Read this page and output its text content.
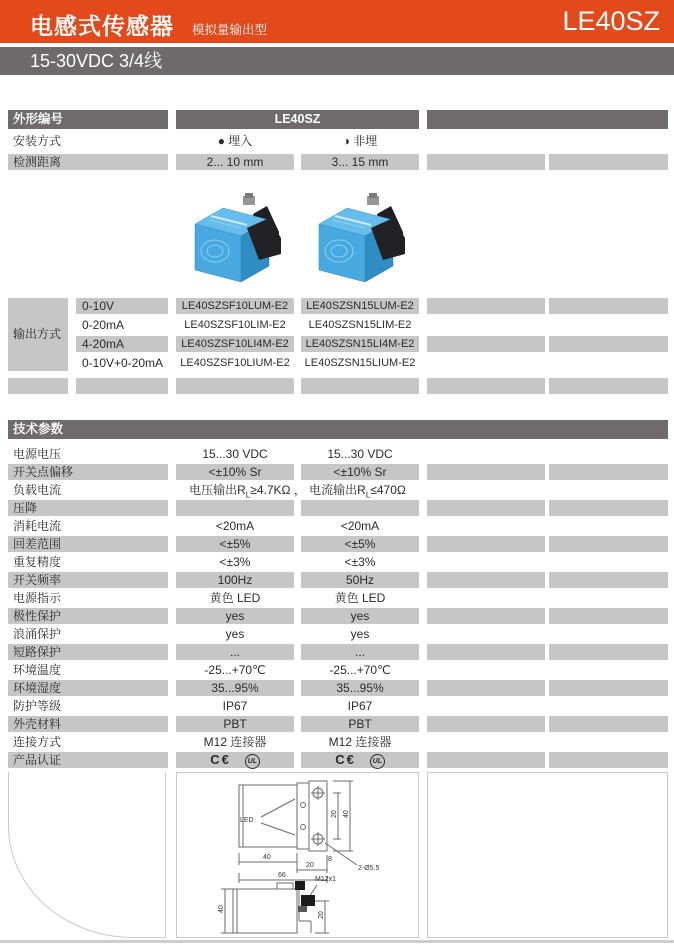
电感式传感器 模拟量输出型	LE40SZ
15-30VDC 3/4线
外形编号	LE40SZ
安装方式	● 埋入	◑ 非埋
检测距离	2... 10 mm	3... 15 mm
输出方式
0-10V	LE40SZSF10LUM-E2	LE40SZSN15LUM-E2
0-20mA	LE40SZSF10LIM-E2	LE40SZSN15LIM-E2
4-20mA	LE40SZSF10LI4M-E2	LE40SZSN15LI4M-E2
0-10V+0-20mA	LE40SZSF10LIUM-E2	LE40SZSN15LIUM-E2
技术参数
电源电压	15...30 VDC	15...30 VDC
开关点偏移	<±10% Sr	<±10% Sr
负载电流	电压输出$R_L\ge 4.7K\Omega$ ， 电流输出$R_L\le 470\Omega$
压降
消耗电流	<20mA	<20mA
回差范围	<±5%	<±5%
重复精度	<±3%	<±3%
开关频率	100Hz	50Hz
电源指示	黄色 LED	黄色 LED
极性保护	yes	yes
浪涌保护	yes	yes
短路保护	...	...
环境温度	-25...+70℃	-25...+70℃
环境湿度	35...95%	35...95%
防护等级	IP67	IP67
外壳材料	PBT	PBT
连接方式	M12 连接器	M12 连接器
产品认证	C€ UL	C€ UL
LED
40
20
66
8
2-Ø5.5
20 40
M12x1
40
20
